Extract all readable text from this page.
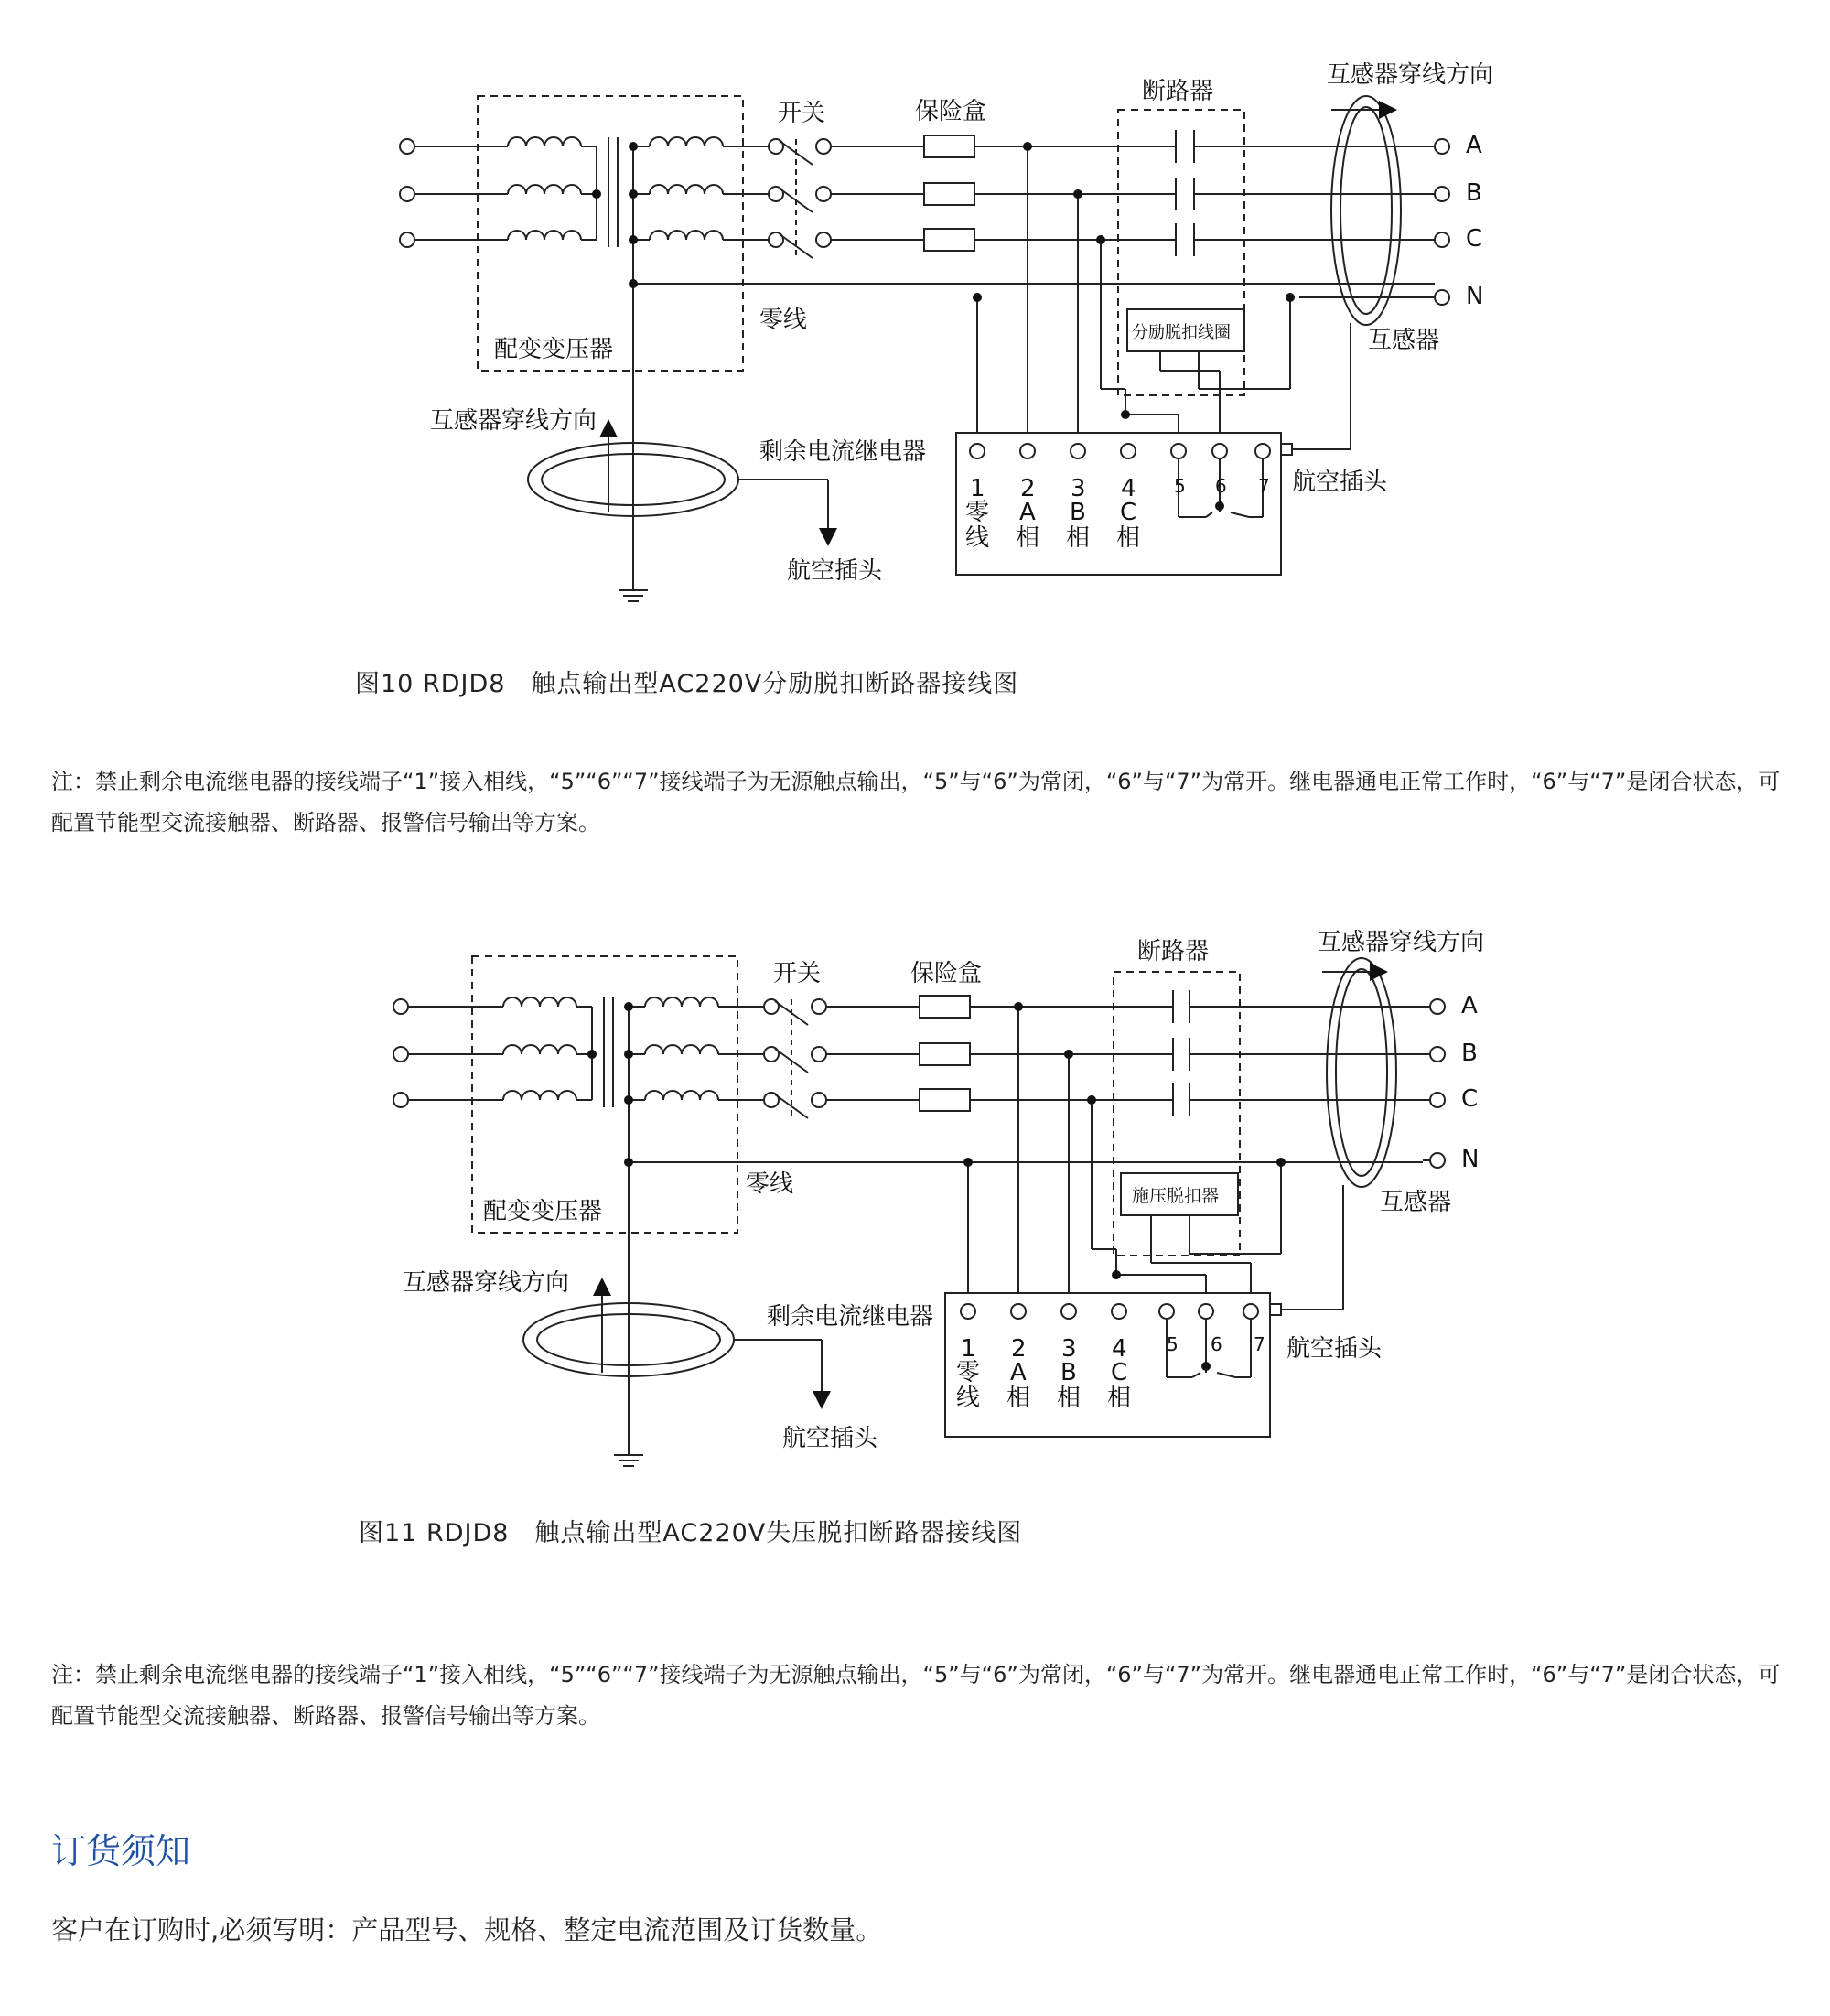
开关	保险盒
断路器
互感器穿线方向
A
B
C
N
零线
配变变压器	互感器
分励脱扣线圈
互感器穿线方向
剩余电流继电器
航空插头
航空插头
1
零
线
2
A
相
3
B
相
4
C
相
5 6 7
图10 RDJD8　触点输出型AC220V分励脱扣断路器接线图
注：禁止剩余电流继电器的接线端子“1”接入相线，“5”“6”“7”接线端子为无源触点输出，“5”与“6”为常闭，“6”与“7”为常开。继电器通电正常工作时，“6”与“7”是闭合状态，可配置节能型交流接触器、断路器、报警信号输出等方案。
开关	保险盒
断路器	互感器穿线方向
A
B
C
N
零线
配变变压器	互感器
施压脱扣器
互感器穿线方向
剩余电流继电器
航空插头
航空插头
1
零
线
2
A
相
3
B
相
4
C
相
5 6 7
图11 RDJD8　触点输出型AC220V失压脱扣断路器接线图
注：禁止剩余电流继电器的接线端子“1”接入相线，“5”“6”“7”接线端子为无源触点输出，“5”与“6”为常闭，“6”与“7”为常开。继电器通电正常工作时，“6”与“7”是闭合状态，可配置节能型交流接触器、断路器、报警信号输出等方案。
订货须知
客户在订购时,必须写明：产品型号、规格、整定电流范围及订货数量。
